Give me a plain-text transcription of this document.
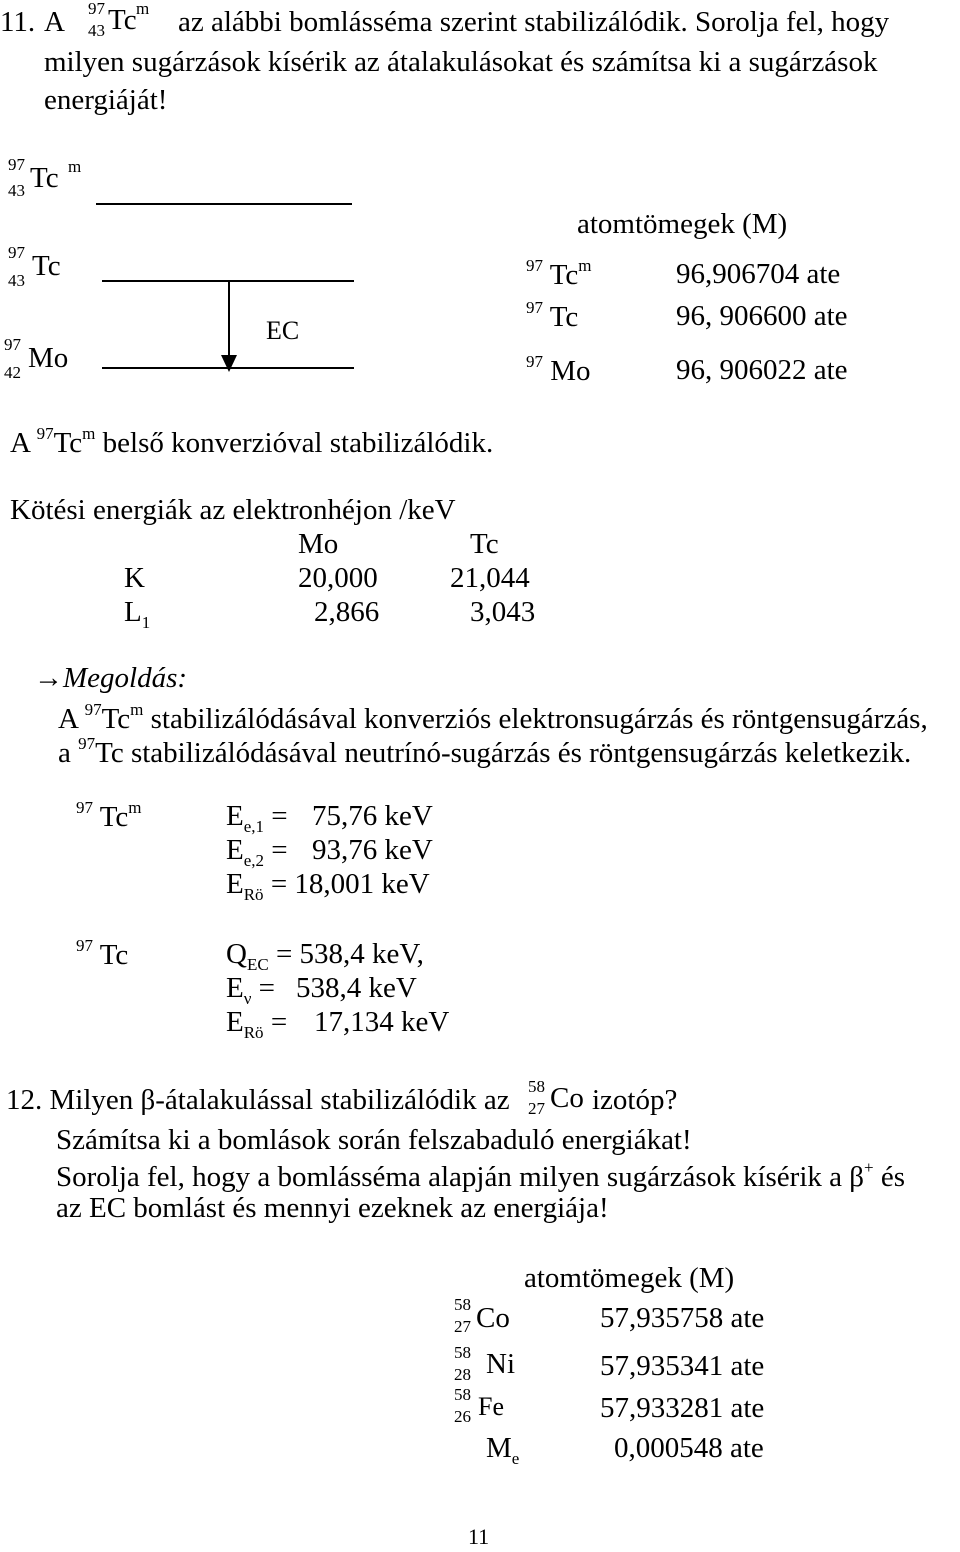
11. A 97
43 Tc m az alábbi bomlásséma szerint stabilizálódik. Sorolja fel, hogy
milyen sugárzások kísérik az átalakulásokat és számítsa ki a sugárzások
energiáját!
97
43 Tc m
97
43 Tc
97
42 Mo
EC
atomtömegek (M)
$^{97}$ Tc$^m$	96,906704 ate
$^{97}$ Tc	96, 906600 ate
$^{97}$ Mo	96, 906022 ate
A $^{97}$Tc$^m$ belső konverzióval stabilizálódik.
Kötési energiák az elektronhéjon /keV
Mo	Tc
K	20,000 21,044
$L_1$	2,866	3,043
→Megoldás:
A $^{97}$Tc$^m$ stabilizálódásával konverziós elektronsugárzás és röntgensugárzás,
a $^{97}$Tc stabilizálódásával neutrínó-sugárzás és röntgensugárzás keletkezik.
$^{97}$ Tc$^m$	$E_{e,1} = 75,76$ keV
$E_{e,2} = 93,76$ keV
$E_{Rö} = 18,001$ keV
$^{97}$ Tc	$Q_{EC} = 538,4$ keV,
$E_\nu = 538,4$ keV
$E_{Rö} = 17,134$ keV
12. Milyen β-átalakulással stabilizálódik az 58
27 Co izotóp?
Számítsa ki a bomlások során felszabaduló energiákat!
Sorolja fel, hogy a bomlásséma alapján milyen sugárzások kísérik a β+ és
az EC bomlást és mennyi ezeknek az energiája!
atomtömegek (M)
58
27 Co	57,935758 ate
58
28 Ni	57,935341 ate
58
26 Fe	57,933281 ate
$M_e$	0,000548 ate
11
